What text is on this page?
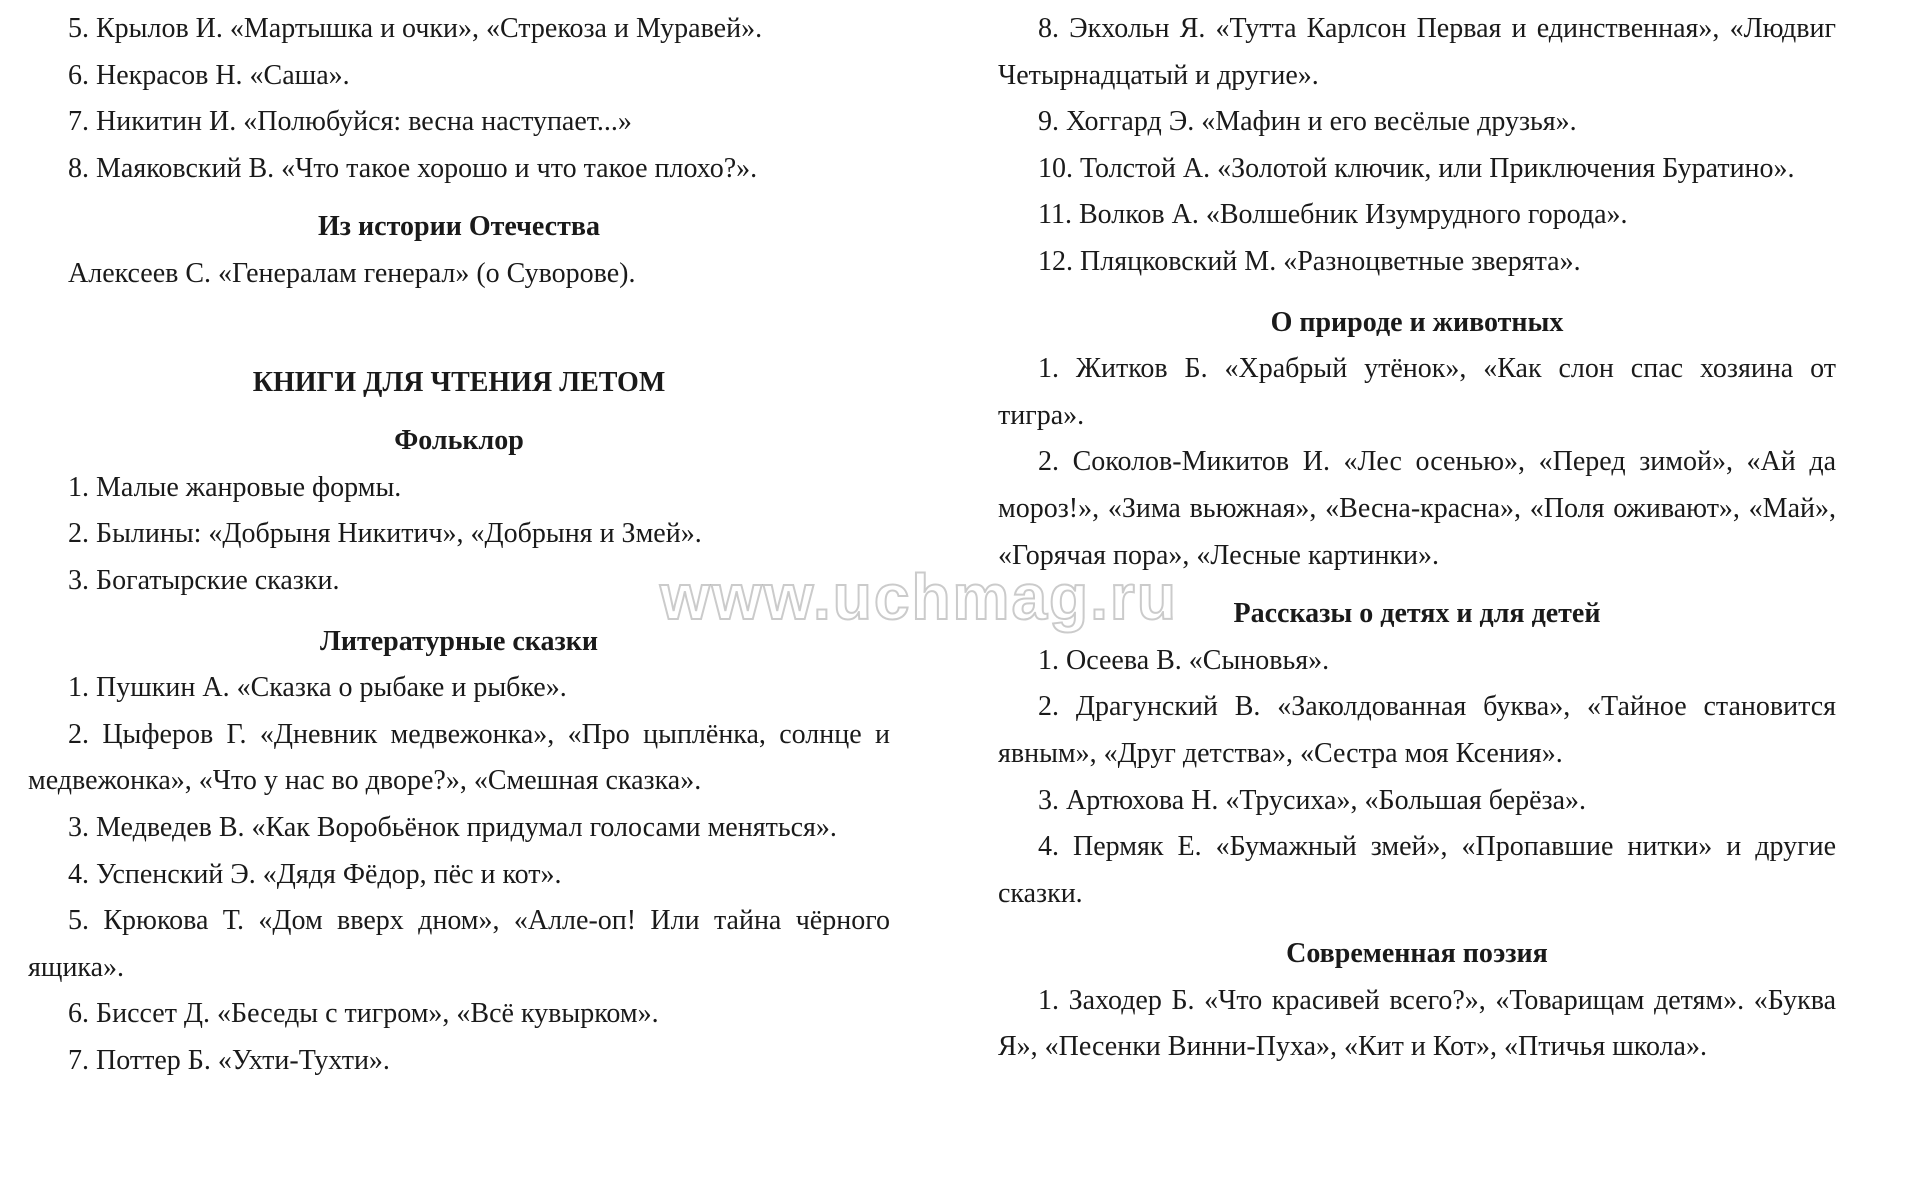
5. Крылов И. «Мартышка и очки», «Стрекоза и Муравей».

6. Некрасов Н. «Саша».

7. Никитин И. «Полюбуйся: весна наступает...»

8. Маяковский В. «Что такое хорошо и что такое плохо?».

Из истории Отечества

Алексеев С. «Генералам генерал» (о Суворове).

КНИГИ ДЛЯ ЧТЕНИЯ ЛЕТОМ
Фольклор

1. Малые жанровые формы.

2. Былины: «Добрыня Никитич», «Добрыня и Змей».

3. Богатырские сказки.

Литературные сказки

1. Пушкин А. «Сказка о рыбаке и рыбке».

2. Цыферов Г. «Дневник медвежонка», «Про цыплёнка, солнце и медвежонка», «Что у нас во дворе?», «Смешная сказка».

3. Медведев В. «Как Воробьёнок придумал голосами меняться».

4. Успенский Э. «Дядя Фёдор, пёс и кот».

5. Крюкова Т. «Дом вверх дном», «Алле-оп! Или тайна чёрного ящика».

6. Биссет Д. «Беседы с тигром», «Всё кувырком».

7. Поттер Б. «Ухти-Тухти».

8. Экхольн Я. «Тутта Карлсон Первая и единственная», «Людвиг Четырнадцатый и другие».

9. Хоггард Э. «Мафин и его весёлые друзья».

10. Толстой А. «Золотой ключик, или Приключения Буратино».

11. Волков А. «Волшебник Изумрудного города».

12. Пляцковский М. «Разноцветные зверята».

О природе и животных

1. Житков Б. «Храбрый утёнок», «Как слон спас хозяина от тигра».

2. Соколов-Микитов И. «Лес осенью», «Перед зимой», «Ай да мороз!», «Зима вьюжная», «Весна-красна», «Поля оживают», «Май», «Горячая пора», «Лесные картинки».

Рассказы о детях и для детей

1. Осеева В. «Сыновья».

2. Драгунский В. «Заколдованная буква», «Тайное становится явным», «Друг детства», «Сестра моя Ксения».

3. Артюхова Н. «Трусиха», «Большая берёза».

4. Пермяк Е. «Бумажный змей», «Пропавшие нитки» и другие сказки.

Современная поэзия

1. Заходер Б. «Что красивей всего?», «Товарищам детям». «Буква Я», «Песенки Винни-Пуха», «Кит и Кот», «Птичья школа».

www.uchmag.ru
